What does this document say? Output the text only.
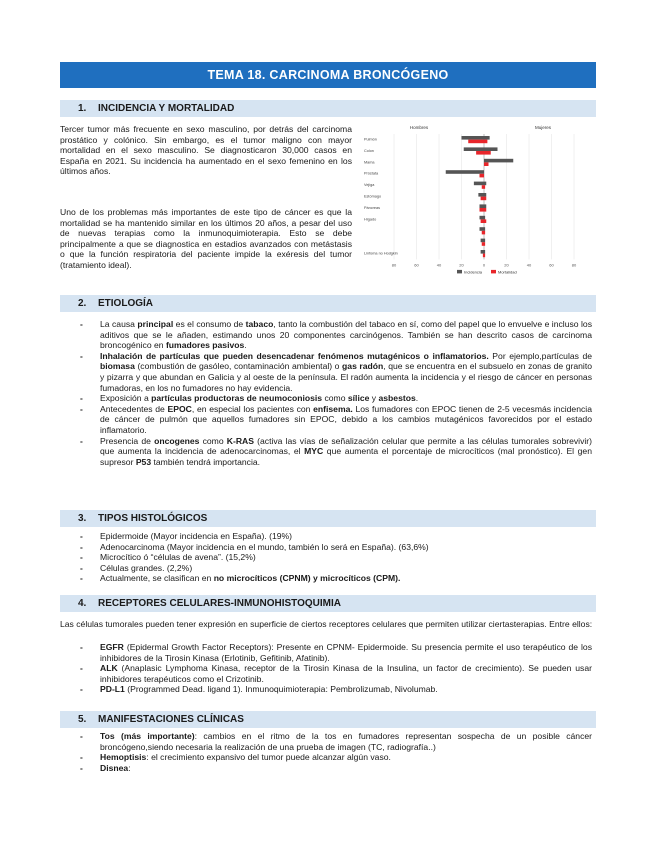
TEMA 18. CARCINOMA BRONCÓGENO
1.	INCIDENCIA Y MORTALIDAD
Tercer tumor más frecuente en sexo masculino, por detrás del carcinoma prostático y colónico. Sin embargo, es el tumor maligno con mayor mortalidad en el sexo masculino. Se diagnosticaron 30,000 casos en España en 2021. Su incidencia ha aumentado en el sexo femenino en los últimos años.
Uno de los problemas más importantes de este tipo de cáncer es que la mortalidad se ha mantenido similar en los últimos 20 años, a pesar del uso de nuevas terapias como la inmunoquimioterapia. Esto se debe principalmente a que se diagnostica en estadios avanzados con metástasis o que la función respiratoria del paciente impide la exéresis del tumor (tratamiento ideal).
Hombres	Mujeres
80	60	40	20	0	20	40	60	80
Pulmón
Colon
Mama
Próstata
Vejiga
Estómago
Páncreas
Hígado
Linfoma no Hodgkin
Incidencia	Mortalidad
2.	ETIOLOGÍA
- La causa principal es el consumo de tabaco, tanto la combustión del tabaco en sí, como del papel que lo envuelve e incluso los aditivos que se le añaden, estimando unos 20 componentes carcinógenos. También se han descrito casos de carcinoma broncogénico en fumadores pasivos.
- Inhalación de partículas que pueden desencadenar fenómenos mutagénicos o inflamatorios. Por ejemplo,partículas de biomasa (combustión de gasóleo, contaminación ambiental) o gas radón, que se encuentra en el subsuelo en zonas de granito y pizarra y que abundan en Galicia y al oeste de la península. El radón aumenta la incidencia y el riesgo de cáncer en personas fumadoras, en los no fumadores no hay evidencia.
- Exposición a partículas productoras de neumoconiosis como sílice y asbestos.
- Antecedentes de EPOC, en especial los pacientes con enfisema. Los fumadores con EPOC tienen de 2-5 vecesmás incidencia de cáncer de pulmón que aquellos fumadores sin EPOC, debido a los cambios mutagénicos favorecidos por el estado inflamatorio.
- Presencia de oncogenes como K-RAS (activa las vías de señalización celular que permite a las células tumorales sobrevivir) que aumenta la incidencia de adenocarcinomas, el MYC que aumenta el porcentaje de microcíticos (mal pronóstico). El gen supresor P53 también tendrá importancia.
3.	TIPOS HISTOLÓGICOS
- Epidermoide (Mayor incidencia en España). (19%)
- Adenocarcinoma (Mayor incidencia en el mundo, también lo será en España). (63,6%)
- Microcítico ó “células de avena”. (15,2%)
- Células grandes. (2,2%)
- Actualmente, se clasifican en no microcíticos (CPNM) y microcíticos (CPM).
4.	RECEPTORES CELULARES-INMUNOHISTOQUIMIA
Las células tumorales pueden tener expresión en superficie de ciertos receptores celulares que permiten utilizar ciertasterapias. Entre ellos:
- EGFR (Epidermal Growth Factor Receptors): Presente en CPNM- Epidermoide. Su presencia permite el uso terapéutico de los inhibidores de la Tirosin Kinasa (Erlotinib, Gefitinib, Afatinib).
- ALK (Anaplasic Lymphoma Kinasa, receptor de la Tirosin Kinasa de la Insulina, un factor de crecimiento). Se pueden usar inhibidores terapéuticos como el Crizotinib.
- PD-L1 (Programmed Dead. ligand 1). Inmunoquimioterapia: Pembrolizumab, Nivolumab.
5.	MANIFESTACIONES CLÍNICAS
- Tos (más importante): cambios en el ritmo de la tos en fumadores representan sospecha de un posible cáncer broncógeno,siendo necesaria la realización de una prueba de imagen (TC, radiografía..)
- Hemoptisis: el crecimiento expansivo del tumor puede alcanzar algún vaso.
- Disnea:
